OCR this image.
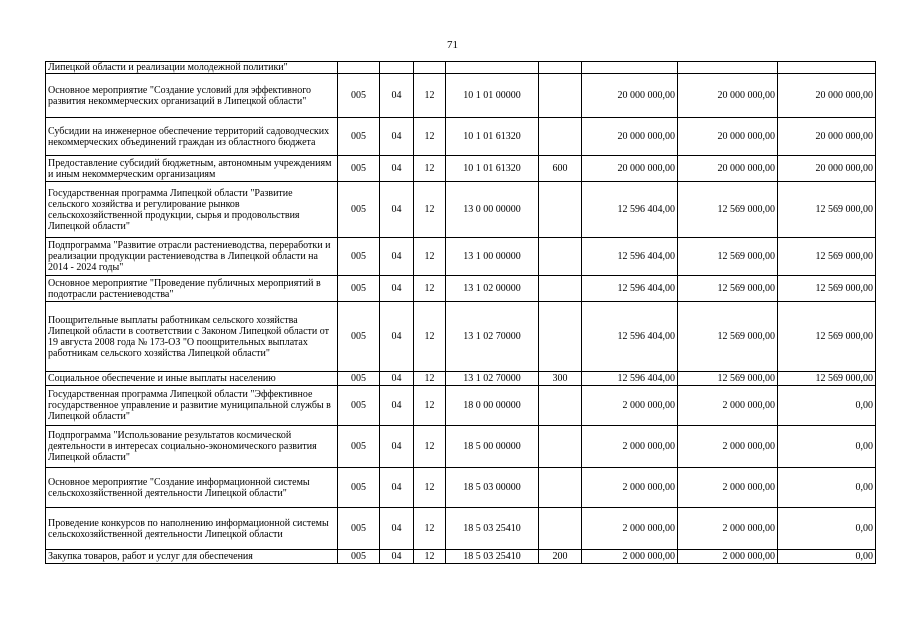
71
Липецкой области и реализации молодежной политики"								
Основное мероприятие "Создание условий для эффективного развития некоммерческих организаций в Липецкой области"	005	04	12	10 1 01 00000		20 000 000,00	20 000 000,00	20 000 000,00
Субсидии на инженерное обеспечение территорий садоводческих некоммерческих объединений граждан из областного бюджета	005	04	12	10 1 01 61320		20 000 000,00	20 000 000,00	20 000 000,00
Предоставление субсидий бюджетным, автономным учреждениям и иным некоммерческим организациям	005	04	12	10 1 01 61320	600	20 000 000,00	20 000 000,00	20 000 000,00
Государственная программа Липецкой области "Развитие сельского хозяйства и регулирование рынков сельскохозяйственной продукции, сырья и продовольствия Липецкой области"	005	04	12	13 0 00 00000		12 596 404,00	12 569 000,00	12 569 000,00
Подпрограмма "Развитие отрасли растениеводства, переработки и реализации продукции растениеводства в Липецкой области на 2014 - 2024 годы"	005	04	12	13 1 00 00000		12 596 404,00	12 569 000,00	12 569 000,00
Основное мероприятие "Проведение публичных мероприятий в подотрасли растениеводства"	005	04	12	13 1 02 00000		12 596 404,00	12 569 000,00	12 569 000,00
Поощрительные выплаты работникам сельского хозяйства Липецкой области в соответствии с Законом Липецкой области от 19 августа 2008 года № 173-ОЗ "О поощрительных выплатах работникам сельского хозяйства Липецкой области"	005	04	12	13 1 02 70000		12 596 404,00	12 569 000,00	12 569 000,00
Социальное обеспечение и иные выплаты населению	005	04	12	13 1 02 70000	300	12 596 404,00	12 569 000,00	12 569 000,00
Государственная программа Липецкой области "Эффективное государственное управление и развитие муниципальной службы в Липецкой области"	005	04	12	18 0 00 00000		2 000 000,00	2 000 000,00	0,00
Подпрограмма "Использование результатов космической деятельности в интересах социально-экономического развития Липецкой области"	005	04	12	18 5 00 00000		2 000 000,00	2 000 000,00	0,00
Основное мероприятие "Создание информационной системы сельскохозяйственной деятельности Липецкой области"	005	04	12	18 5 03 00000		2 000 000,00	2 000 000,00	0,00
Проведение конкурсов по наполнению информационной системы сельскохозяйственной деятельности Липецкой области	005	04	12	18 5 03 25410		2 000 000,00	2 000 000,00	0,00
Закупка товаров, работ и услуг для обеспечения	005	04	12	18 5 03 25410	200	2 000 000,00	2 000 000,00	0,00
